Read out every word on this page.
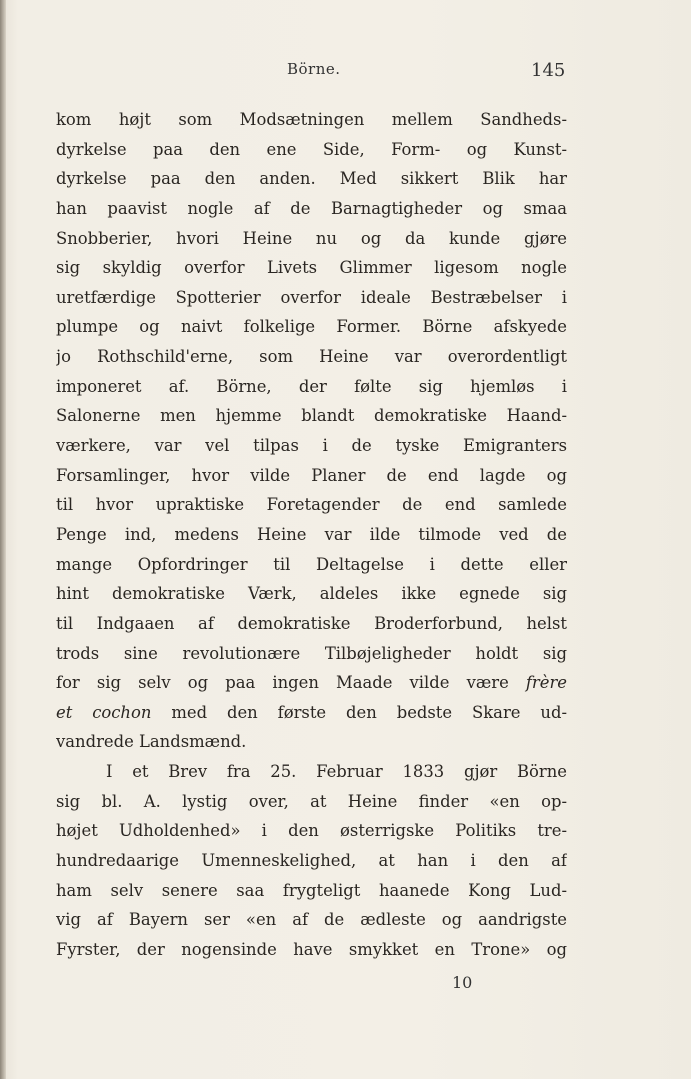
Börne.	145
kom højt som Modsætningen mellem Sandheds-
dyrkelse paa den ene Side, Form- og Kunst-
dyrkelse paa den anden. Med sikkert Blik har
han paavist nogle af de Barnagtigheder og smaa
Snobberier, hvori Heine nu og da kunde gjøre
sig skyldig overfor Livets Glimmer ligesom nogle
uretfærdige Spotterier overfor ideale Bestræbelser i
plumpe og naivt folkelige Former. Börne afskyede
jo Rothschild'erne, som Heine var overordentligt
imponeret af. Börne, der følte sig hjemløs i
Salonerne men hjemme blandt demokratiske Haand-
værkere, var vel tilpas i de tyske Emigranters
Forsamlinger, hvor vilde Planer de end lagde og
til hvor upraktiske Foretagender de end samlede
Penge ind, medens Heine var ilde tilmode ved de
mange Opfordringer til Deltagelse i dette eller
hint demokratiske Værk, aldeles ikke egnede sig
til Indgaaen af demokratiske Broderforbund, helst
trods sine revolutionære Tilbøjeligheder holdt sig
for sig selv og paa ingen Maade vilde være frère
et cochon med den første den bedste Skare ud-
vandrede Landsmænd.
I et Brev fra 25. Februar 1833 gjør Börne
sig bl. A. lystig over, at Heine finder «en op-
højet Udholdenhed» i den østerrigske Politiks tre-
hundredaarige Umenneskelighed, at han i den af
ham selv senere saa frygteligt haanede Kong Lud-
vig af Bayern ser «en af de ædleste og aandrigste
Fyrster, der nogensinde have smykket en Trone» og
10
